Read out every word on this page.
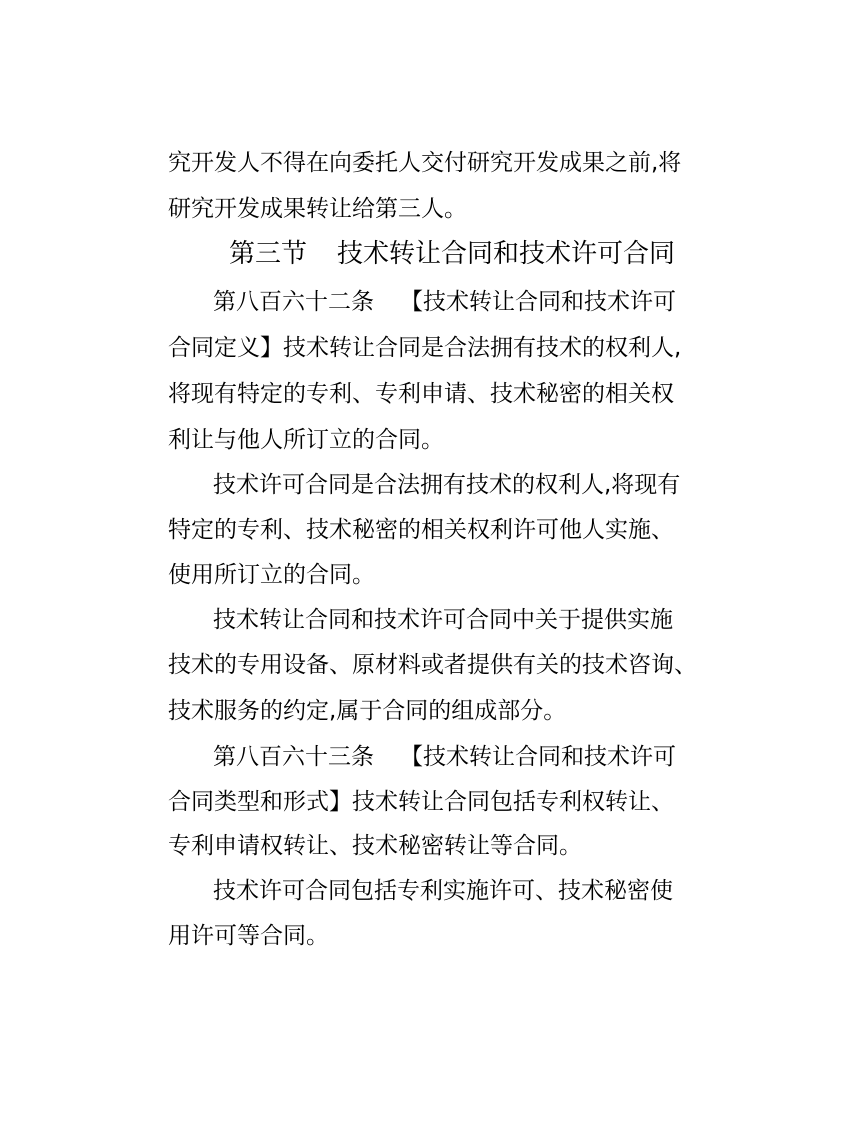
究开发人不得在向委托人交付研究开发成果之前,将
研究开发成果转让给第三人。
第三节 技术转让合同和技术许可合同
第八百六十二条 【技术转让合同和技术许可
合同定义】技术转让合同是合法拥有技术的权利人,
将现有特定的专利、专利申请、技术秘密的相关权
利让与他人所订立的合同。
技术许可合同是合法拥有技术的权利人,将现有
特定的专利、技术秘密的相关权利许可他人实施、
使用所订立的合同。
技术转让合同和技术许可合同中关于提供实施
技术的专用设备、原材料或者提供有关的技术咨询、
技术服务的约定,属于合同的组成部分。
第八百六十三条 【技术转让合同和技术许可
合同类型和形式】技术转让合同包括专利权转让、
专利申请权转让、技术秘密转让等合同。
技术许可合同包括专利实施许可、技术秘密使
用许可等合同。
